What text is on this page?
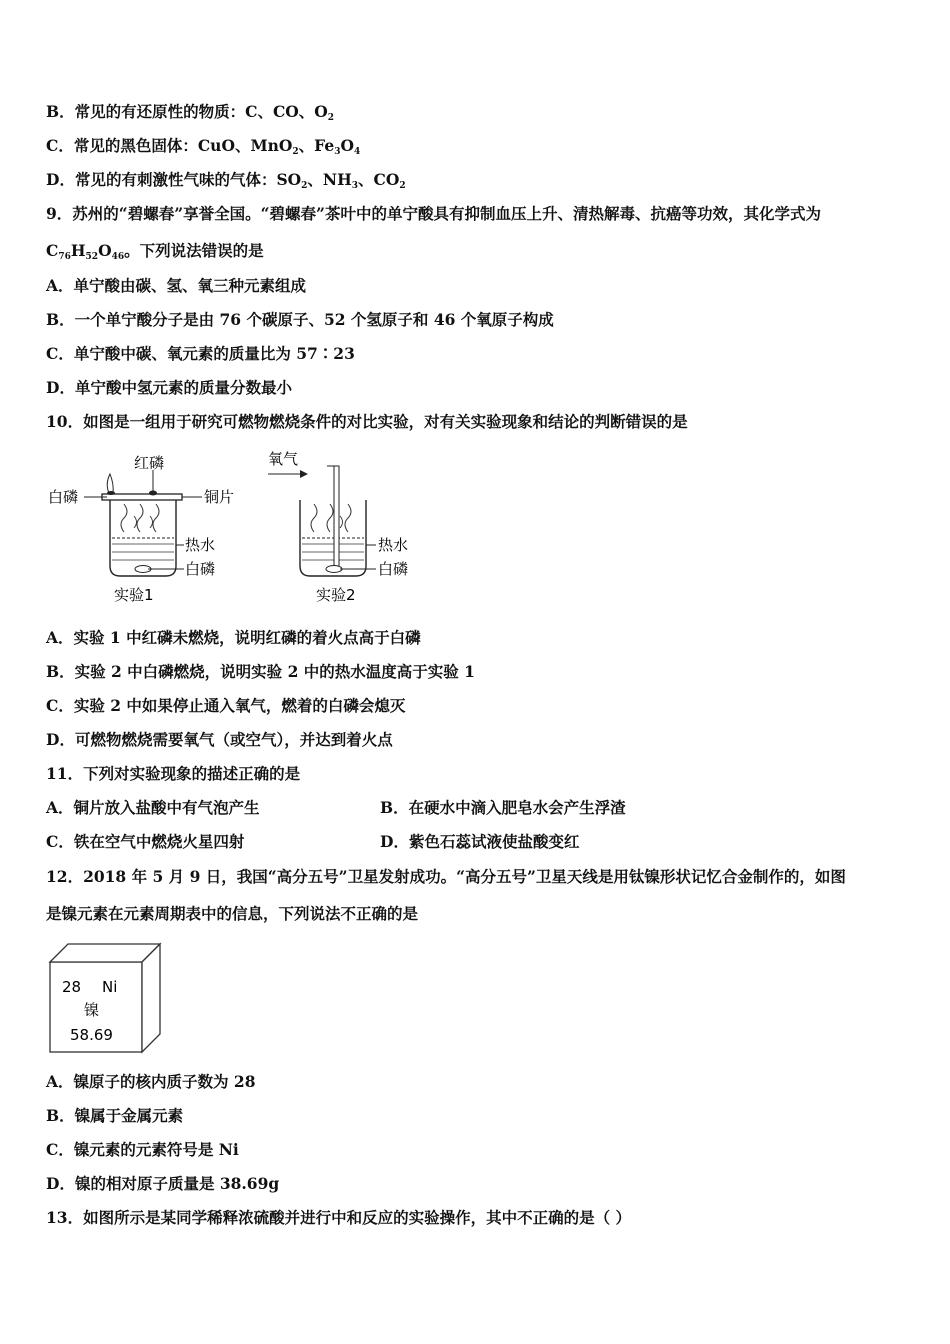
B．常见的有还原性的物质：C、CO、$O_2$
C．常见的黑色固体：CuO、MnO$_2$、$Fe_3O_4$
D．常见的有刺激性气味的气体：$SO_2$、$NH_3$、$CO_2$
9．苏州的“碧螺春”享誉全国。“碧螺春”茶叶中的单宁酸具有抑制血压上升、清热解毒、抗癌等功效，其化学式为
$C_{76}H_{52}O_{46}$。下列说法错误的是
A．单宁酸由碳、氢、氧三种元素组成
B．一个单宁酸分子是由 76 个碳原子、52 个氢原子和 46 个氧原子构成
C．单宁酸中碳、氧元素的质量比为 57∶23
D．单宁酸中氢元素的质量分数最小
10．如图是一组用于研究可燃物燃烧条件的对比实验，对有关实验现象和结论的判断错误的是
红磷
白磷	铜片
热水
白磷
实验1
氧气
热水
白磷
实验2
A．实验 1 中红磷未燃烧，说明红磷的着火点高于白磷
B．实验 2 中白磷燃烧，说明实验 2 中的热水温度高于实验 1
C．实验 2 中如果停止通入氧气，燃着的白磷会熄灭
D．可燃物燃烧需要氧气（或空气），并达到着火点
11．下列对实验现象的描述正确的是
A．铜片放入盐酸中有气泡产生	B．在硬水中滴入肥皂水会产生浮渣
C．铁在空气中燃烧火星四射	D．紫色石蕊试液使盐酸变红
12．2018 年 5 月 9 日，我国“高分五号”卫星发射成功。“高分五号”卫星天线是用钛镍形状记忆合金制作的，如图
是镍元素在元素周期表中的信息，下列说法不正确的是
28 Ni
镍
58.69
A．镍原子的核内质子数为 28
B．镍属于金属元素
C．镍元素的元素符号是 Ni
D．镍的相对原子质量是 38.69g
13．如图所示是某同学稀释浓硫酸并进行中和反应的实验操作，其中不正确的是（ ）
